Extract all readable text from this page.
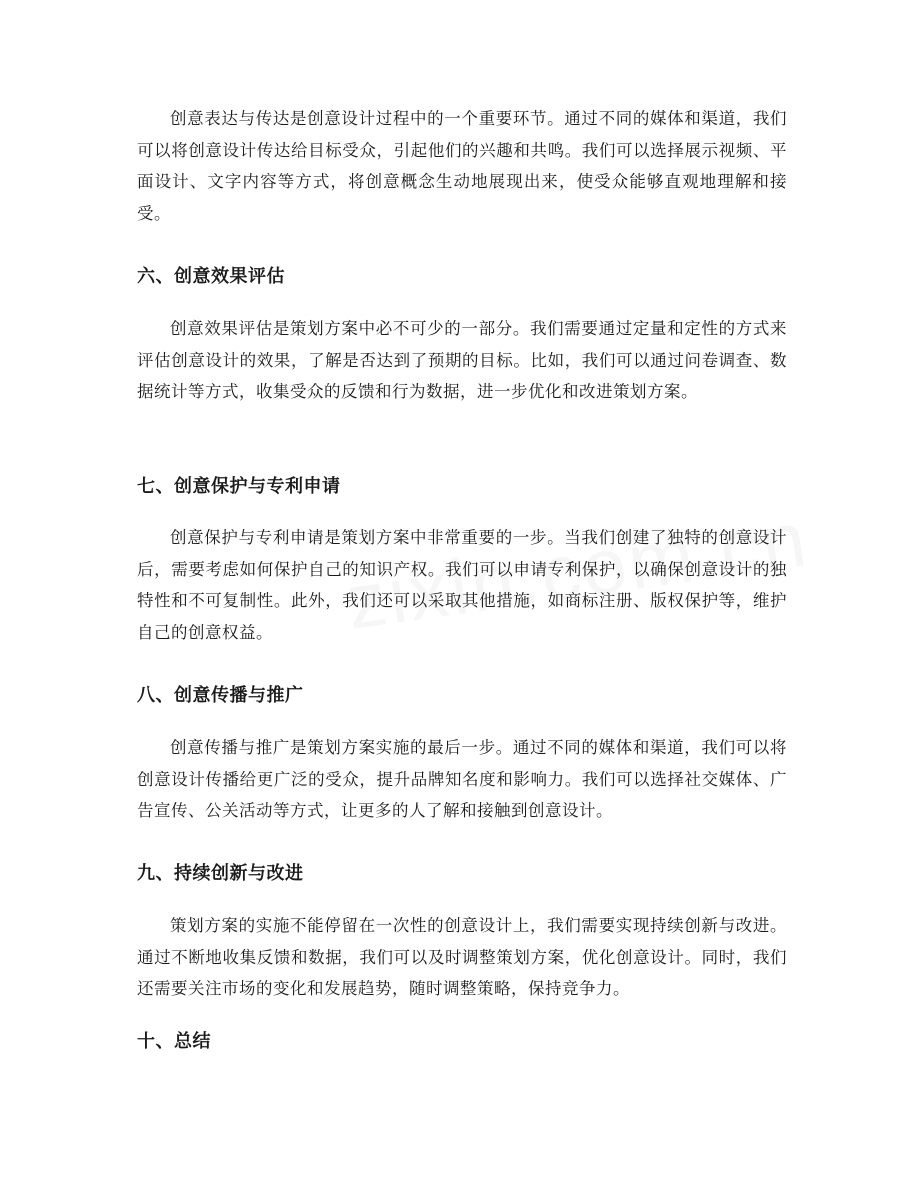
创意表达与传达是创意设计过程中的一个重要环节。通过不同的媒体和渠道，我们可以将创意设计传达给目标受众，引起他们的兴趣和共鸣。我们可以选择展示视频、平面设计、文字内容等方式，将创意概念生动地展现出来，使受众能够直观地理解和接受。

六、创意效果评估

创意效果评估是策划方案中必不可少的一部分。我们需要通过定量和定性的方式来评估创意设计的效果，了解是否达到了预期的目标。比如，我们可以通过问卷调查、数据统计等方式，收集受众的反馈和行为数据，进一步优化和改进策划方案。

七、创意保护与专利申请

创意保护与专利申请是策划方案中非常重要的一步。当我们创建了独特的创意设计后，需要考虑如何保护自己的知识产权。我们可以申请专利保护，以确保创意设计的独特性和不可复制性。此外，我们还可以采取其他措施，如商标注册、版权保护等，维护自己的创意权益。

八、创意传播与推广

创意传播与推广是策划方案实施的最后一步。通过不同的媒体和渠道，我们可以将创意设计传播给更广泛的受众，提升品牌知名度和影响力。我们可以选择社交媒体、广告宣传、公关活动等方式，让更多的人了解和接触到创意设计。

九、持续创新与改进

策划方案的实施不能停留在一次性的创意设计上，我们需要实现持续创新与改进。通过不断地收集反馈和数据，我们可以及时调整策划方案，优化创意设计。同时，我们还需要关注市场的变化和发展趋势，随时调整策略，保持竞争力。

十、总结
